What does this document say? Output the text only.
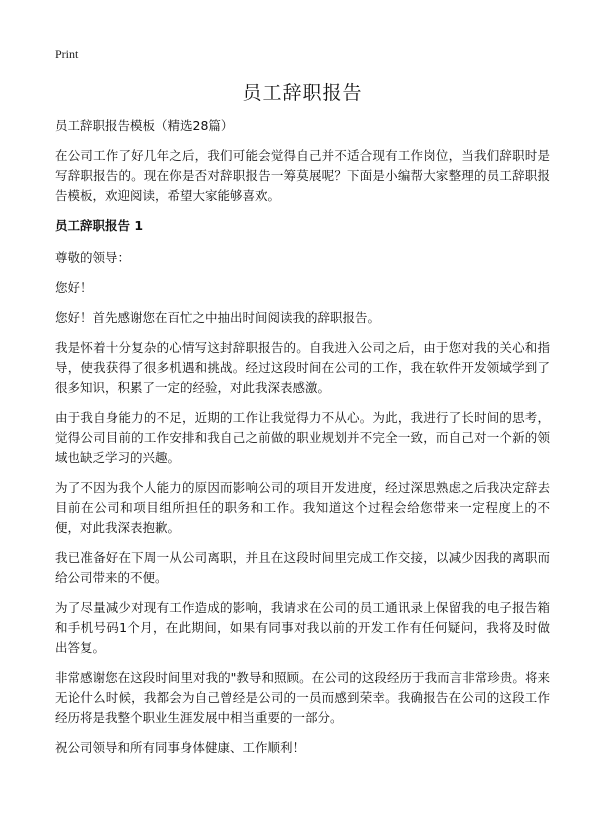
Print
员工辞职报告
员工辞职报告模板（精选28篇）

在公司工作了好几年之后，我们可能会觉得自己并不适合现有工作岗位，当我们辞职时是写辞职报告的。现在你是否对辞职报告一筹莫展呢？下面是小编帮大家整理的员工辞职报告模板，欢迎阅读，希望大家能够喜欢。

员工辞职报告 1

尊敬的领导：

您好！

您好！首先感谢您在百忙之中抽出时间阅读我的辞职报告。

我是怀着十分复杂的心情写这封辞职报告的。自我进入公司之后，由于您对我的关心和指导，使我获得了很多机遇和挑战。经过这段时间在公司的工作，我在软件开发领域学到了很多知识，积累了一定的经验，对此我深表感激。

由于我自身能力的不足，近期的工作让我觉得力不从心。为此，我进行了长时间的思考，觉得公司目前的工作安排和我自己之前做的职业规划并不完全一致，而自己对一个新的领域也缺乏学习的兴趣。

为了不因为我个人能力的原因而影响公司的项目开发进度，经过深思熟虑之后我决定辞去目前在公司和项目组所担任的职务和工作。我知道这个过程会给您带来一定程度上的不便，对此我深表抱歉。

我已准备好在下周一从公司离职，并且在这段时间里完成工作交接，以减少因我的离职而给公司带来的不便。

为了尽量减少对现有工作造成的影响，我请求在公司的员工通讯录上保留我的电子报告箱和手机号码1个月，在此期间，如果有同事对我以前的开发工作有任何疑问，我将及时做出答复。

非常感谢您在这段时间里对我的"教导和照顾。在公司的这段经历于我而言非常珍贵。将来无论什么时候，我都会为自己曾经是公司的一员而感到荣幸。我确报告在公司的这段工作经历将是我整个职业生涯发展中相当重要的一部分。

祝公司领导和所有同事身体健康、工作顺利！
